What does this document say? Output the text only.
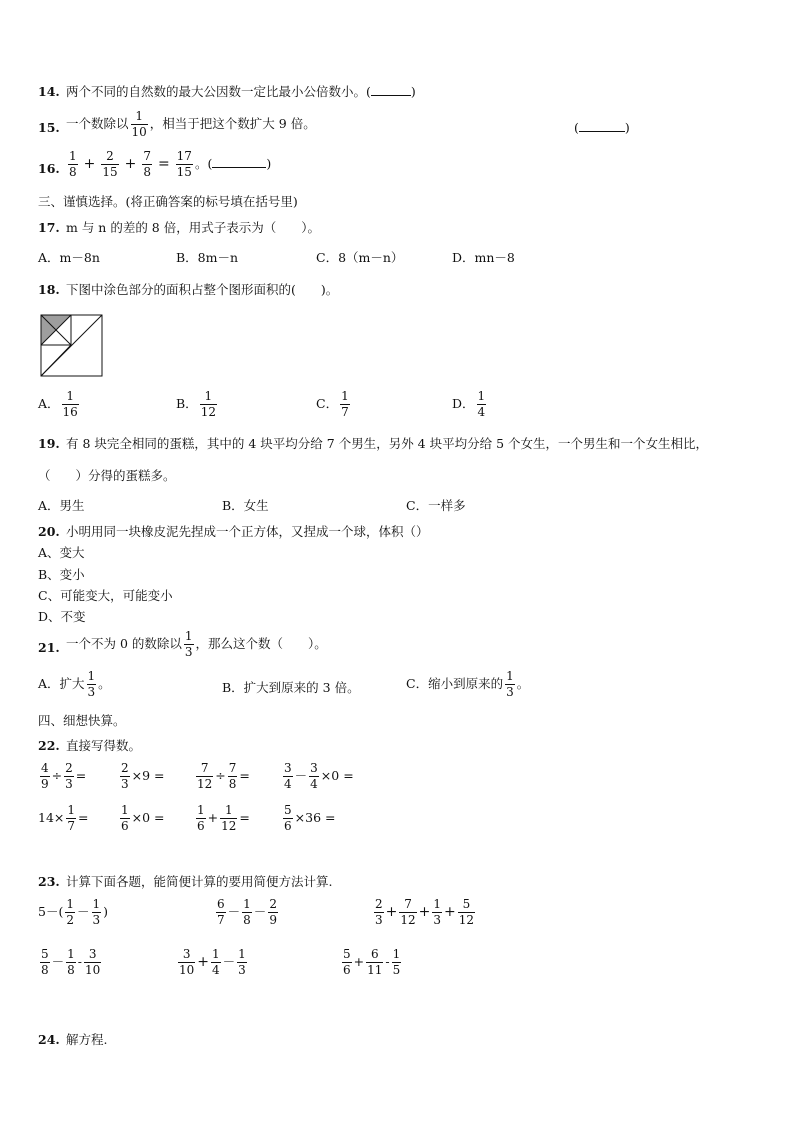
14. 两个不同的自然数的最大公因数一定比最小公倍数小。(	)
15. 一个数除以 $\frac{1}{10}$ ，相当于把这个数扩大 9 倍。	(	)
16. $\frac{1}{8} + \frac{2}{15} + \frac{7}{8} = \frac{17}{15}$ 。(	)
三、谨慎选择。(将正确答案的标号填在括号里)
17. m 与 n 的差的 8 倍，用式子表示为（　　）。
A．m－8n	B．8m－n	C．8（m－n）	D．mn－8
18. 下图中涂色部分的面积占整个图形面积的(　　)。
A． $\frac{1}{16}$	B． $\frac{1}{12}$	C． $\frac{1}{7}$	D． $\frac{1}{4}$
19. 有 8 块完全相同的蛋糕，其中的 4 块平均分给 7 个男生，另外 4 块平均分给 5 个女生，一个男生和一个女生相比，
（　　）分得的蛋糕多。
A．男生	B．女生	C．一样多
20. 小明用同一块橡皮泥先捏成一个正方体，又捏成一个球，体积（）
A、变大
B、变小
C、可能变大，可能变小
D、不变
21. 一个不为 0 的数除以 $\frac{1}{3}$ ，那么这个数（　　）。
A．扩大 $\frac{1}{3}$ 。	B．扩大到原来的 3 倍。	C．缩小到原来的 $\frac{1}{3}$ 。
四、细想快算。
22. 直接写得数。
$\frac{4}{9} \div \frac{2}{3}$ =	$\frac{2}{3} \times 9$ =	$\frac{7}{12} \div \frac{7}{8}$ =	$\frac{3}{4} - \frac{3}{4} \times 0$ =
$14\times \frac{1}{7}$ =	$\frac{1}{6} \times 0$ =	$\frac{1}{6} + \frac{1}{12}$ =	$\frac{5}{6} \times 36$ =
23. 计算下面各题，能简便计算的要用简便方法计算.
$5-( \frac{1}{2} - \frac{1}{3}$ )	$\frac{6}{7} - \frac{1}{8} - \frac{2}{9}$	$\frac{2}{3} + \frac{7}{12} + \frac{1}{3} + \frac{5}{12}$
$\frac{5}{8} - \frac{1}{8} - \frac{3}{10}$	$\frac{3}{10} + \frac{1}{4} - \frac{1}{3}$	$\frac{5}{6} + \frac{6}{11} - \frac{1}{5}$
24. 解方程.
